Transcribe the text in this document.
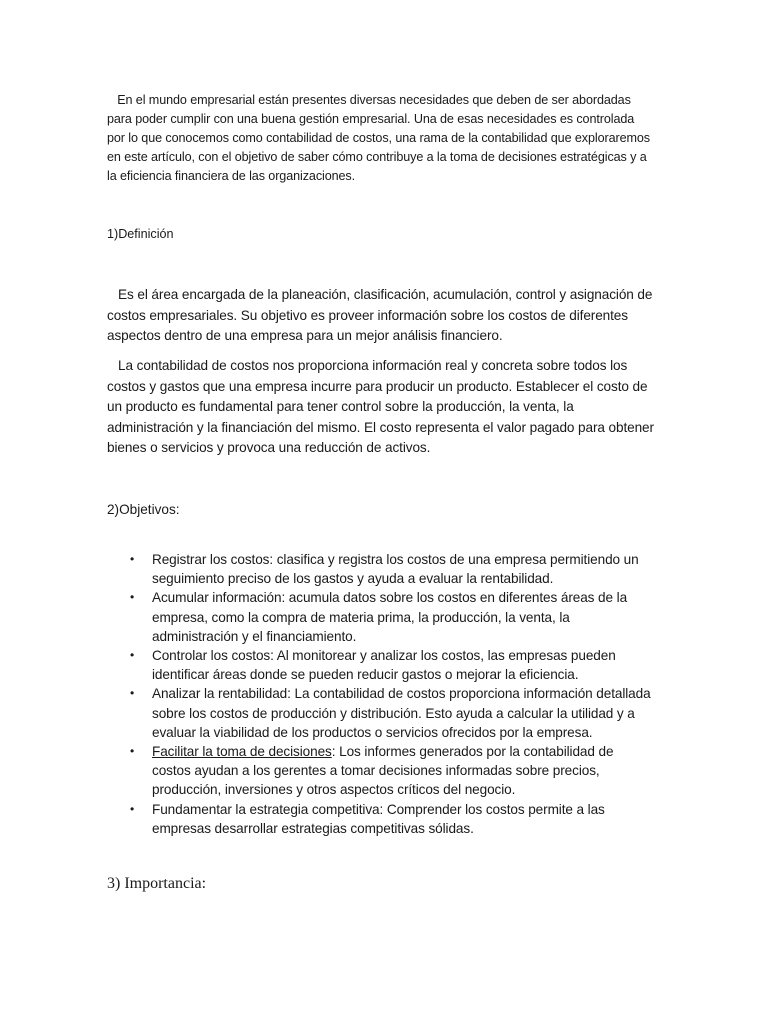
En el mundo empresarial están presentes diversas necesidades que deben de ser abordadas para poder cumplir con una buena gestión empresarial. Una de esas necesidades es controlada por lo que conocemos como contabilidad de costos, una rama de la contabilidad que exploraremos en este artículo, con el objetivo de saber cómo contribuye a la toma de decisiones estratégicas y a la eficiencia financiera de las organizaciones.

1)Definición

Es el área encargada de la planeación, clasificación, acumulación, control y asignación de costos empresariales. Su objetivo es proveer información sobre los costos de diferentes aspectos dentro de una empresa para un mejor análisis financiero.

La contabilidad de costos nos proporciona información real y concreta sobre todos los costos y gastos que una empresa incurre para producir un producto. Establecer el costo de un producto es fundamental para tener control sobre la producción, la venta, la administración y la financiación del mismo. El costo representa el valor pagado para obtener bienes o servicios y provoca una reducción de activos.

2)Objetivos:

• Registrar los costos: clasifica y registra los costos de una empresa permitiendo un seguimiento preciso de los gastos y ayuda a evaluar la rentabilidad.
• Acumular información: acumula datos sobre los costos en diferentes áreas de la empresa, como la compra de materia prima, la producción, la venta, la administración y el financiamiento.
• Controlar los costos: Al monitorear y analizar los costos, las empresas pueden identificar áreas donde se pueden reducir gastos o mejorar la eficiencia.
• Analizar la rentabilidad: La contabilidad de costos proporciona información detallada sobre los costos de producción y distribución. Esto ayuda a calcular la utilidad y a evaluar la viabilidad de los productos o servicios ofrecidos por la empresa.
• Facilitar la toma de decisiones: Los informes generados por la contabilidad de costos ayudan a los gerentes a tomar decisiones informadas sobre precios, producción, inversiones y otros aspectos críticos del negocio.
• Fundamentar la estrategia competitiva: Comprender los costos permite a las empresas desarrollar estrategias competitivas sólidas.

3) Importancia:
